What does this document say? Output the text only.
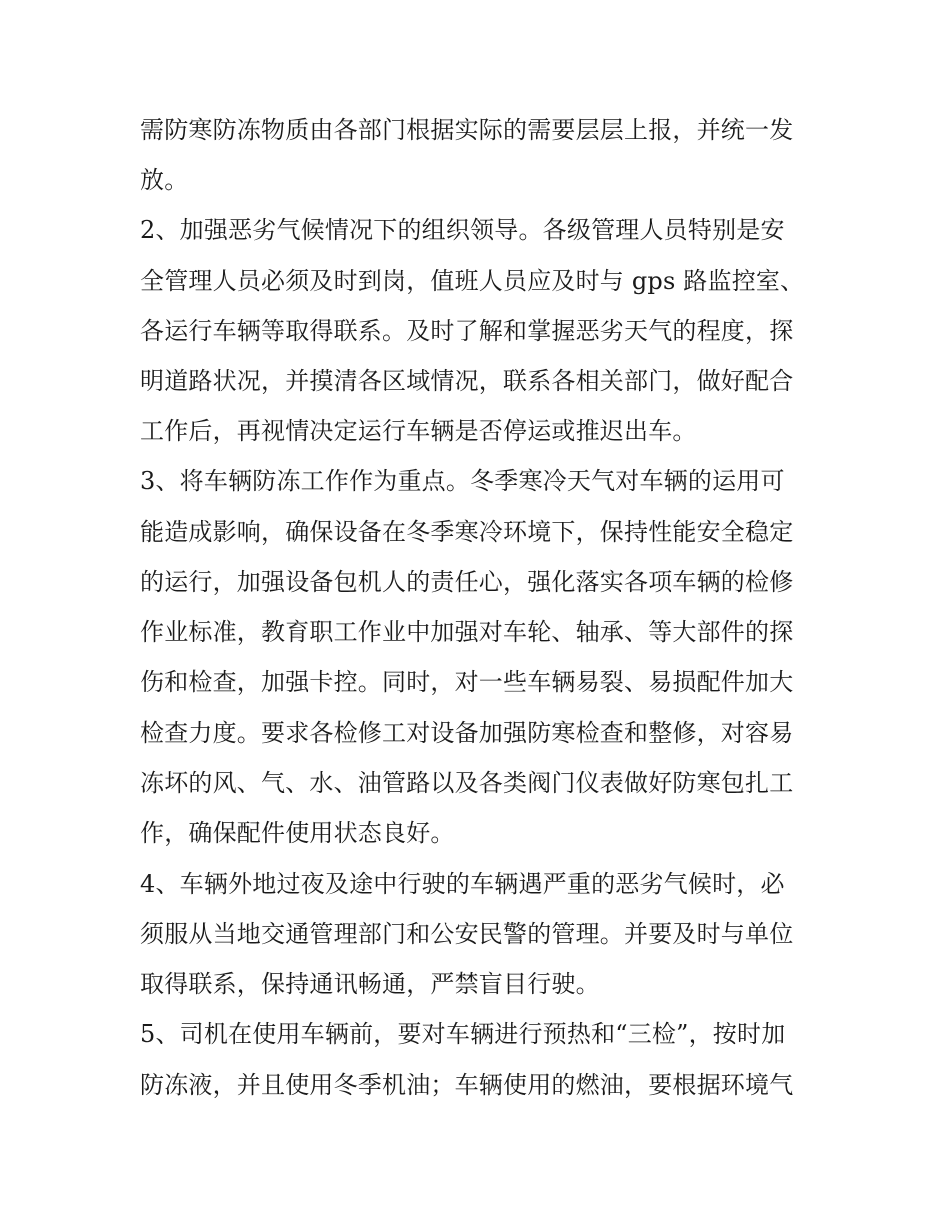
需防寒防冻物质由各部门根据实际的需要层层上报，并统一发
放。
2、加强恶劣气候情况下的组织领导。各级管理人员特别是安
全管理人员必须及时到岗，值班人员应及时与 gps 路监控室、
各运行车辆等取得联系。及时了解和掌握恶劣天气的程度，探
明道路状况，并摸清各区域情况，联系各相关部门，做好配合
工作后，再视情决定运行车辆是否停运或推迟出车。
3、将车辆防冻工作作为重点。冬季寒冷天气对车辆的运用可
能造成影响，确保设备在冬季寒冷环境下，保持性能安全稳定
的运行，加强设备包机人的责任心，强化落实各项车辆的检修
作业标准，教育职工作业中加强对车轮、轴承、等大部件的探
伤和检查，加强卡控。同时，对一些车辆易裂、易损配件加大
检查力度。要求各检修工对设备加强防寒检查和整修，对容易
冻坏的风、气、水、油管路以及各类阀门仪表做好防寒包扎工
作，确保配件使用状态良好。
4、车辆外地过夜及途中行驶的车辆遇严重的恶劣气候时，必
须服从当地交通管理部门和公安民警的管理。并要及时与单位
取得联系，保持通讯畅通，严禁盲目行驶。
5、司机在使用车辆前，要对车辆进行预热和“三检”，按时加
防冻液，并且使用冬季机油；车辆使用的燃油，要根据环境气
